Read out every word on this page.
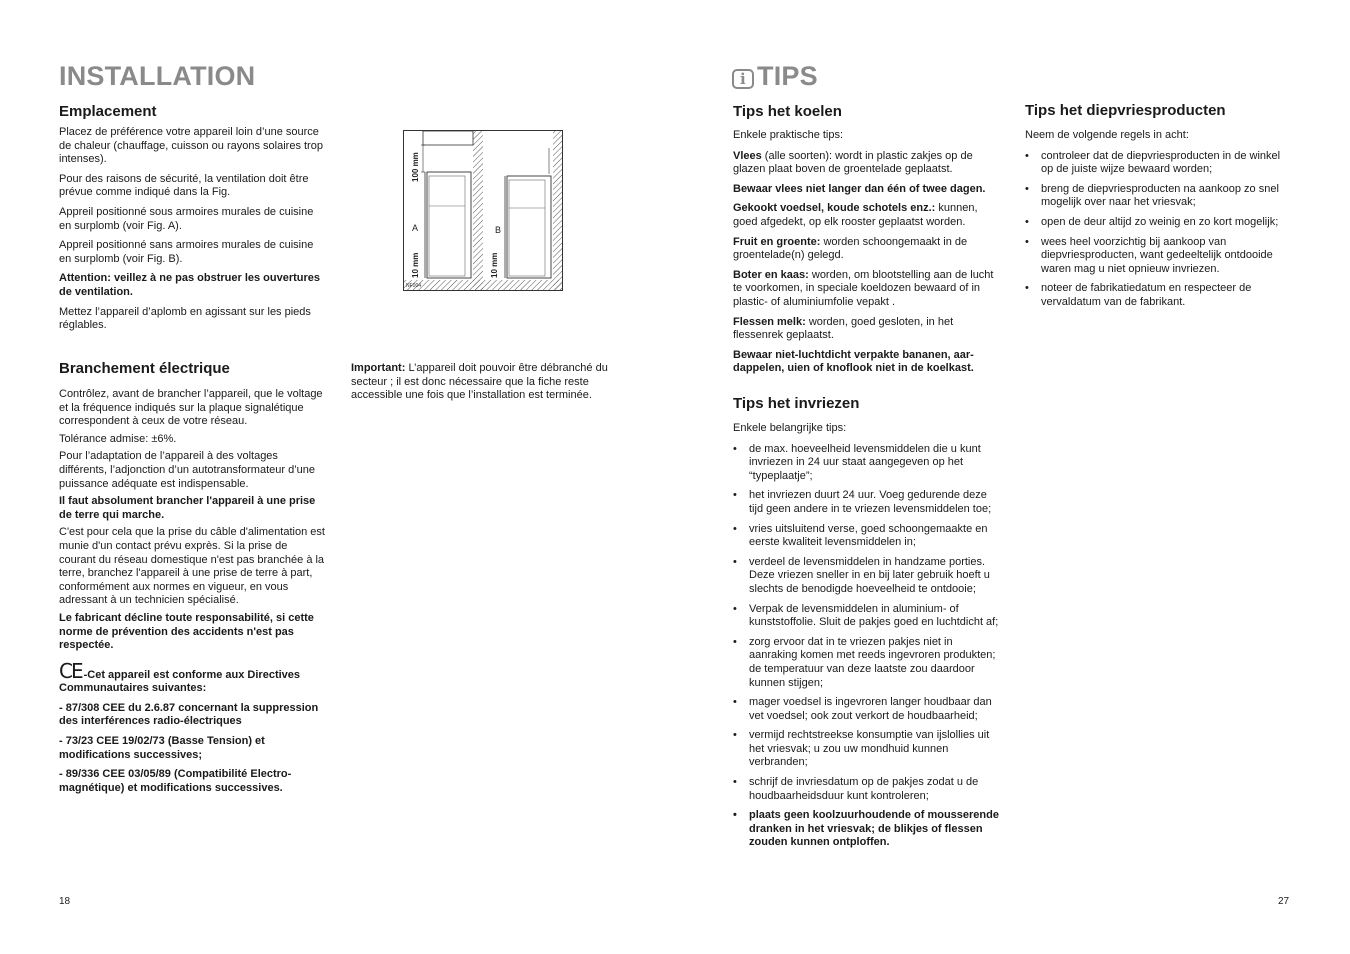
INSTALLATION
Emplacement

Placez de préférence votre appareil loin d’une source de chaleur (chauffage, cuisson ou rayons solaires trop intenses).

Pour des raisons de sécurité, la ventilation doit être prévue comme indiqué dans la Fig.

Appreil positionné sous armoires murales de cuisine en surplomb (voir Fig. A).

Appreil positionné sans armoires murales de cuisine en surplomb (voir Fig. B).

Attention: veillez à ne pas obstruer les ouvertures de ventilation.

Mettez l’appareil d’aplomb en agissant sur les pieds réglables.

100 mm
10 mm	10 mm
A	B
NF004
Branchement électrique

Contrôlez, avant de brancher l’appareil, que le voltage et la fréquence indiqués sur la plaque signalétique correspondent à ceux de votre réseau.

Tolérance admise: ±6%.

Pour l’adaptation de l’appareil à des voltages différents, l’adjonction d’un autotransformateur d’une puissance adéquate est indispensable.

Il faut absolument brancher l'appareil à une prise de terre qui marche.

C'est pour cela que la prise du câble d'alimentation est munie d'un contact prévu exprès. Si la prise de courant du réseau domestique n'est pas branchée à la terre, branchez l'appareil à une prise de terre à part, conformément aux normes en vigueur, en vous adressant à un technicien spécialisé.

Le fabricant décline toute responsabilité, si cette norme de prévention des accidents n'est pas respectée.

CE -Cet appareil est conforme aux Directives Communautaires suivantes:

- 87/308 CEE du 2.6.87 concernant la suppression des interférences radio-électriques

- 73/23 CEE 19/02/73 (Basse Tension) et modifications successives;

- 89/336 CEE 03/05/89 (Compatibilité Electro-magnétique) et modifications successives.

Important: L’appareil doit pouvoir être débranché du secteur ; il est donc nécessaire que la fiche reste accessible une fois que l’installation est terminée.

18
i TIPS
Tips het koelen

Enkele praktische tips:

Vlees (alle soorten): wordt in plastic zakjes op de glazen plaat boven de groentelade geplaatst.

Bewaar vlees niet langer dan één of twee dagen.

Gekookt voedsel, koude schotels enz.: kunnen, goed afgedekt, op elk rooster geplaatst worden.

Fruit en groente: worden schoongemaakt in de groentelade(n) gelegd.

Boter en kaas: worden, om blootstelling aan de lucht te voorkomen, in speciale koeldozen bewaard of in plastic- of aluminiumfolie vepakt .

Flessen melk: worden, goed gesloten, in het flessenrek geplaatst.

Bewaar niet-luchtdicht verpakte bananen, aar-dappelen, uien of knoflook niet in de koelkast.

Tips het invriezen

Enkele belangrijke tips:

• de max. hoeveelheid levensmiddelen die u kunt invriezen in 24 uur staat aangegeven op het “typeplaatje”;
• het invriezen duurt 24 uur. Voeg gedurende deze tijd geen andere in te vriezen levensmiddelen toe;
• vries uitsluitend verse, goed schoongemaakte en eerste kwaliteit levensmiddelen in;
• verdeel de levensmiddelen in handzame porties. Deze vriezen sneller in en bij later gebruik hoeft u slechts de benodigde hoeveelheid te ontdooie;
• Verpak de levensmiddelen in aluminium- of kunststoffolie. Sluit de pakjes goed en luchtdicht af;
• zorg ervoor dat in te vriezen pakjes niet in aanraking komen met reeds ingevroren produkten; de temperatuur van deze laatste zou daardoor kunnen stijgen;
• mager voedsel is ingevroren langer houdbaar dan vet voedsel; ook zout verkort de houdbaarheid;
• vermijd rechtstreekse konsumptie van ijslollies uit het vriesvak; u zou uw mondhuid kunnen verbranden;
• schrijf de invriesdatum op de pakjes zodat u de houdbaarheidsduur kunt kontroleren;
• plaats geen koolzuurhoudende of mousserende dranken in het vriesvak; de blikjes of flessen zouden kunnen ontploffen.
Tips het diepvriesproducten

Neem de volgende regels in acht:

• controleer dat de diepvriesproducten in de winkel op de juiste wijze bewaard worden;
• breng de diepvriesproducten na aankoop zo snel mogelijk over naar het vriesvak;
• open de deur altijd zo weinig en zo kort mogelijk;
• wees heel voorzichtig bij aankoop van diepvriesproducten, want gedeeltelijk ontdooide waren mag u niet opnieuw invriezen.
• noteer de fabrikatiedatum en respecteer de vervaldatum van de fabrikant.
27
